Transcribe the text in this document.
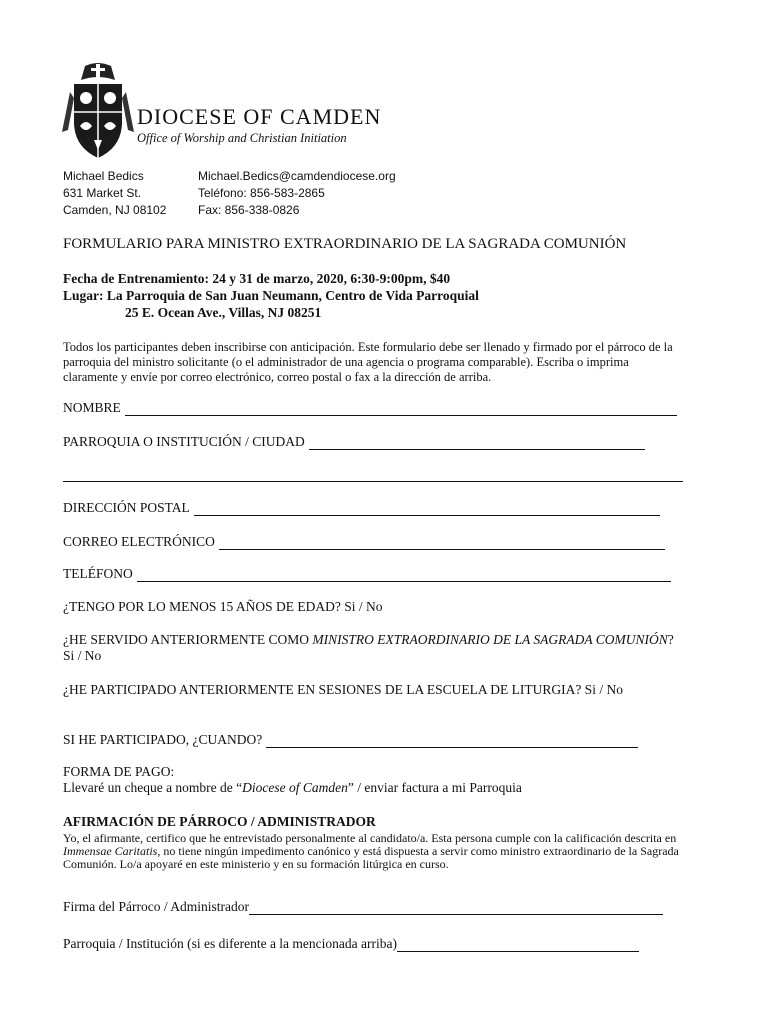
DIOCESE OF CAMDEN
Office of Worship and Christian Initiation
Michael Bedics
631 Market St.
Camden, NJ 08102
Michael.Bedics@camdendiocese.org
Teléfono: 856-583-2865
Fax: 856-338-0826
FORMULARIO PARA MINISTRO EXTRAORDINARIO DE LA SAGRADA COMUNIÓN
Fecha de Entrenamiento: 24 y 31 de marzo, 2020, 6:30-9:00pm, $40
Lugar: La Parroquia de San Juan Neumann, Centro de Vida Parroquial
25 E. Ocean Ave., Villas, NJ 08251
Todos los participantes deben inscribirse con anticipación. Este formulario debe ser llenado y firmado por el párroco de la parroquia del ministro solicitante (o el administrador de una agencia o programa comparable). Escriba o imprima claramente y envíe por correo electrónico, correo postal o fax a la dirección de arriba.
NOMBRE
PARROQUIA O INSTITUCIÓN / CIUDAD
DIRECCIÓN POSTAL
CORREO ELECTRÓNICO
TELÉFONO
¿TENGO POR LO MENOS 15 AÑOS DE EDAD? Si / No
¿HE SERVIDO ANTERIORMENTE COMO MINISTRO EXTRAORDINARIO DE LA SAGRADA COMUNIÓN? Si / No
¿HE PARTICIPADO ANTERIORMENTE EN SESIONES DE LA ESCUELA DE LITURGIA? Si / No
SI HE PARTICIPADO, ¿CUANDO?
FORMA DE PAGO:
Llevaré un cheque a nombre de “Diocese of Camden” / enviar factura a mi Parroquia
AFIRMACIÓN DE PÁRROCO / ADMINISTRADOR
Yo, el afirmante, certifico que he entrevistado personalmente al candidato/a. Esta persona cumple con la calificación descrita en Immensae Caritatis, no tiene ningún impedimento canónico y está dispuesta a servir como ministro extraordinario de la Sagrada Comunión. Lo/a apoyaré en este ministerio y en su formación litúrgica en curso.
Firma del Párroco / Administrador
Parroquia / Institución (si es diferente a la mencionada arriba)
